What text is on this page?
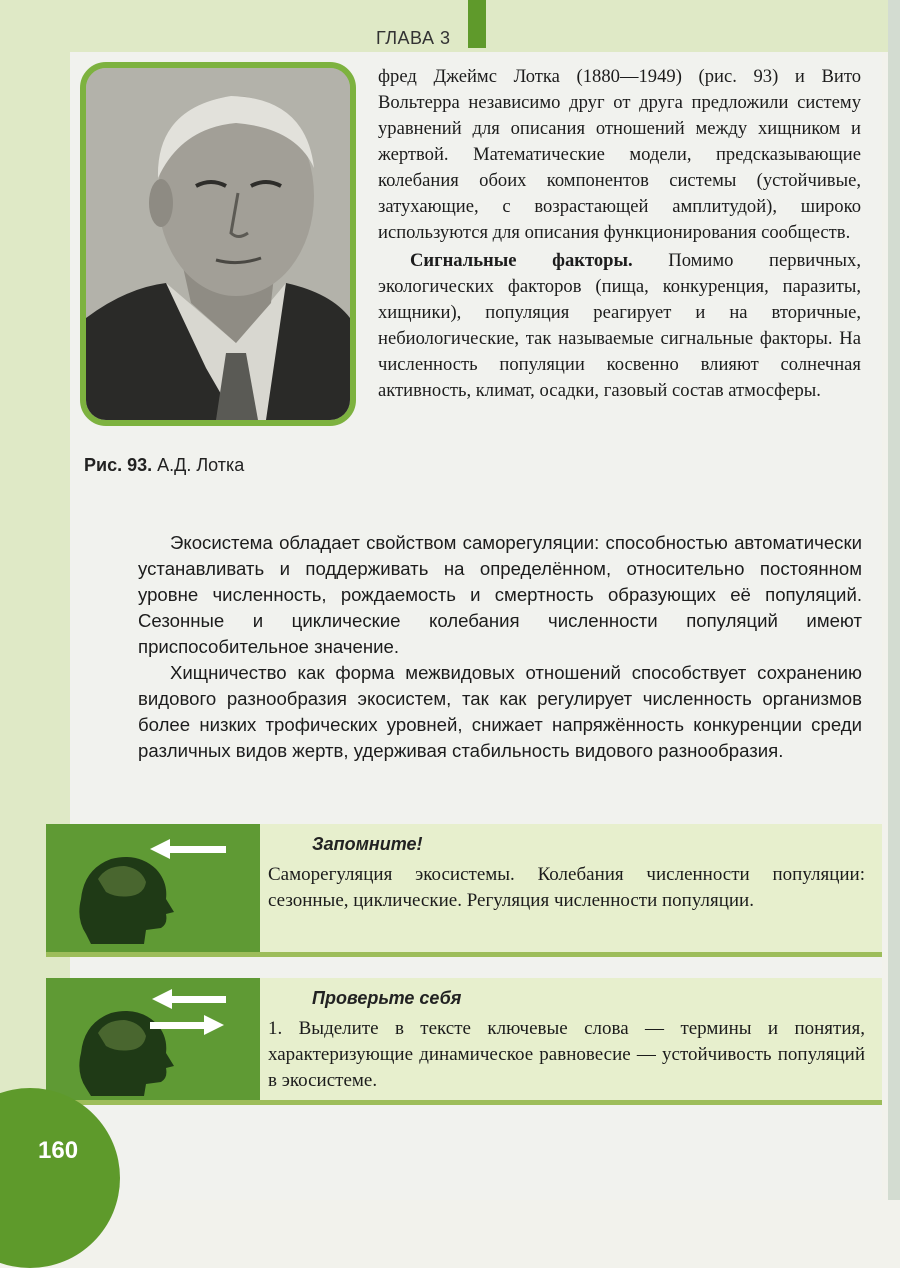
ГЛАВА 3
Рис. 93. А.Д. Лотка

фред Джеймс Лотка (1880—1949) (рис. 93) и Вито Вольтерра независимо друг от друга предложили систему уравнений для описания отношений между хищником и жертвой. Математические модели, предсказывающие колебания обоих компонентов системы (устойчивые, затухающие, с возрастающей амплитудой), широко используются для описания функционирования сообществ.

Сигнальные факторы. Помимо первичных, экологических факторов (пища, конкуренция, паразиты, хищники), популяция реагирует и на вторичные, небиологические, так называемые сигнальные факторы. На численность популяции косвенно влияют солнечная активность, климат, осадки, газовый состав атмосферы.

Экосистема обладает свойством саморегуляции: способностью автоматически устанавливать и поддерживать на определённом, относительно постоянном уровне численность, рождаемость и смертность образующих её популяций. Сезонные и циклические колебания численности популяций имеют приспособительное значение.

Хищничество как форма межвидовых отношений способствует сохранению видового разнообразия экосистем, так как регулирует численность организмов более низких трофических уровней, снижает напряжённость конкуренции среди различных видов жертв, удерживая стабильность видового разнообразия.

Запомните!
Саморегуляция экосистемы. Колебания численности популяции: сезонные, циклические. Регуляция численности популяции.
Проверьте себя
1. Выделите в тексте ключевые слова — термины и понятия, характеризующие динамическое равновесие — устойчивость популяций в экосистеме.
160
